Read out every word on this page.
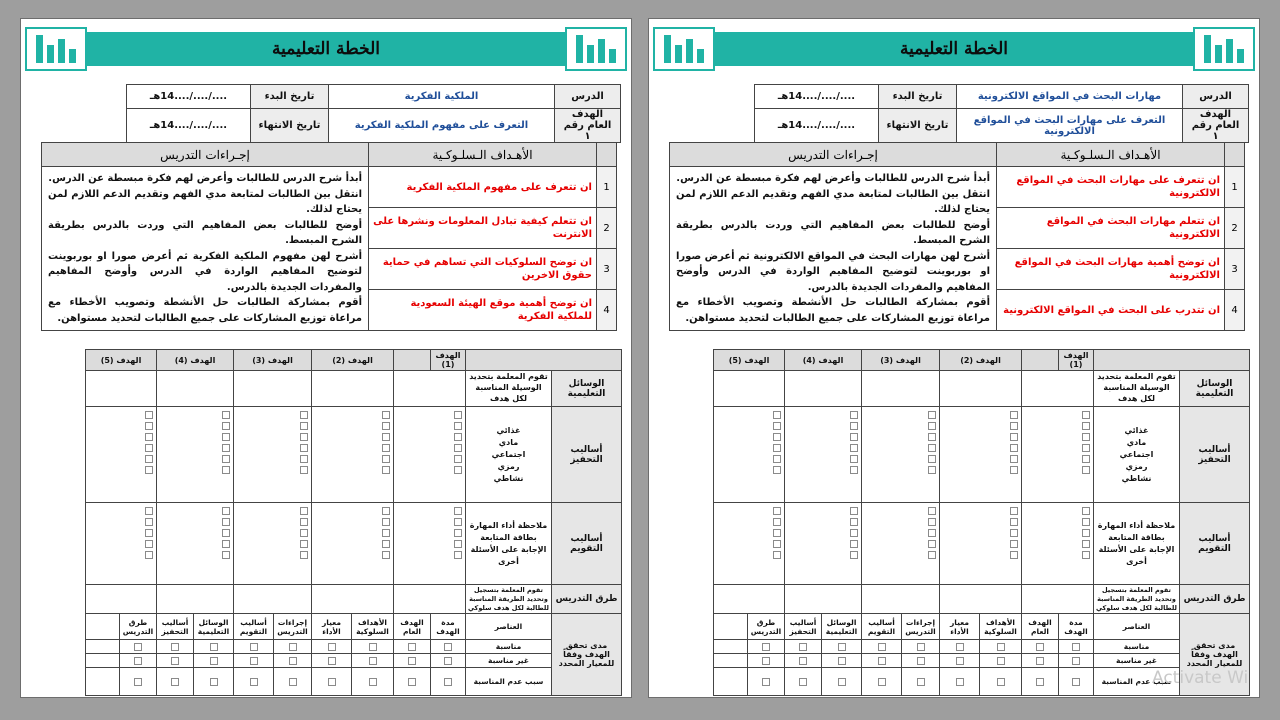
الخطة التعليمية
الدرس	الملكية الفكرية	تاريخ البدء	..../..../....14هـ
الهدف العام رقم ١	التعرف على مفهوم الملكية الفكرية	تاريخ الانتهاء	..../..../....14هـ
	الأهـداف الـسلـوكـية	إجـراءات التدريس
1	ان تتعرف على مفهوم الملكية الفكرية	أبدأ شرح الدرس للطالبات وأعرض لهم فكرة مبسطة عن الدرس.
انتقل بين الطالبات لمتابعة مدي الفهم وتقديم الدعم اللازم لمن يحتاج لذلك.
أوضح للطالبات بعض المفاهيم التي وردت بالدرس بطريقة الشرح المبسط.
أشرح لهن مفهوم الملكية الفكرية ثم أعرض صورا او بوربوينت لتوضيح المفاهيم الواردة في الدرس وأوضح المفاهيم والمفردات الجديدة بالدرس.
أقوم بمشاركة الطالبات حل الأنشطة وتصويب الأخطاء مع مراعاة توزيع المشاركات على جميع الطالبات لتحديد مستواهن.

2	ان تتعلم كيفية تبادل المعلومات ونشرها على الانترنت	
3	ان توضح السلوكيات التي تساهم في حماية حقوق الاخرين	
4	ان توضح أهمية موقع الهيئة السعودية للملكية الفكرية	
		الهدف (1)		الهدف (2)		الهدف (3)		الهدف (4)		الهدف (5)	
الوسائل التعليمية	تقوم المعلمة بتحديد الوسيلة المناسبة لكل هدف										
أساليب التحفيز	غذائي
مادي
اجتماعي
رمزي
نشاطي										

أساليب التقويم	ملاحظة أداء المهارة
بطاقة المتابعة
الإجابة على الأسئلة
أخرى										

طرق التدريس	تقوم المعلمة بتسجيل وتحديد الطريقة المناسبة للطالبة لكل هدف سلوكي										
مدى تحقق الهدف وفقاً للمعيار المحدد	العناصر	مدة الهدف	الهدف العام	الأهداف السلوكية	معيار الأداء	إجراءات التدريس	أساليب التقويم	الوسائل التعليمية	أساليب التحفيز	طرق التدريس	
	مناسبة	

	غير مناسبة	

	سبب عدم المناسبة	

الخطة التعليمية
الدرس	مهارات البحث في المواقع الالكترونية	تاريخ البدء	..../..../....14هـ
الهدف العام رقم ١	التعرف على مهارات البحث في المواقع الالكترونية	تاريخ الانتهاء	..../..../....14هـ
	الأهـداف الـسلـوكـية	إجـراءات التدريس
1	ان تتعرف على مهارات البحث في المواقع الالكترونية	أبدأ شرح الدرس للطالبات وأعرض لهم فكرة مبسطة عن الدرس.
انتقل بين الطالبات لمتابعة مدي الفهم وتقديم الدعم اللازم لمن يحتاج لذلك.
أوضح للطالبات بعض المفاهيم التي وردت بالدرس بطريقة الشرح المبسط.
أشرح لهن مهارات البحث في المواقع الالكترونية ثم أعرض صورا او بوربوينت لتوضيح المفاهيم الواردة في الدرس وأوضح المفاهيم والمفردات الجديدة بالدرس.
أقوم بمشاركة الطالبات حل الأنشطة وتصويب الأخطاء مع مراعاة توزيع المشاركات على جميع الطالبات لتحديد مستواهن.

2	ان تتعلم مهارات البحث في المواقع الالكترونية	
3	ان توضح أهمية مهارات البحث في المواقع الالكترونية	
4	ان تتدرب على البحث في المواقع الالكترونية	
		الهدف (1)		الهدف (2)		الهدف (3)		الهدف (4)		الهدف (5)	
الوسائل التعليمية	تقوم المعلمة بتحديد الوسيلة المناسبة لكل هدف										
أساليب التحفيز	غذائي
مادي
اجتماعي
رمزي
نشاطي										

أساليب التقويم	ملاحظة أداء المهارة
بطاقة المتابعة
الإجابة على الأسئلة
أخرى										

طرق التدريس	تقوم المعلمة بتسجيل وتحديد الطريقة المناسبة للطالبة لكل هدف سلوكي										
مدى تحقق الهدف وفقاً للمعيار المحدد	العناصر	مدة الهدف	الهدف العام	الأهداف السلوكية	معيار الأداء	إجراءات التدريس	أساليب التقويم	الوسائل التعليمية	أساليب التحفيز	طرق التدريس	
	مناسبة	

	غير مناسبة	

	سبب عدم المناسبة	

Activate Wi
